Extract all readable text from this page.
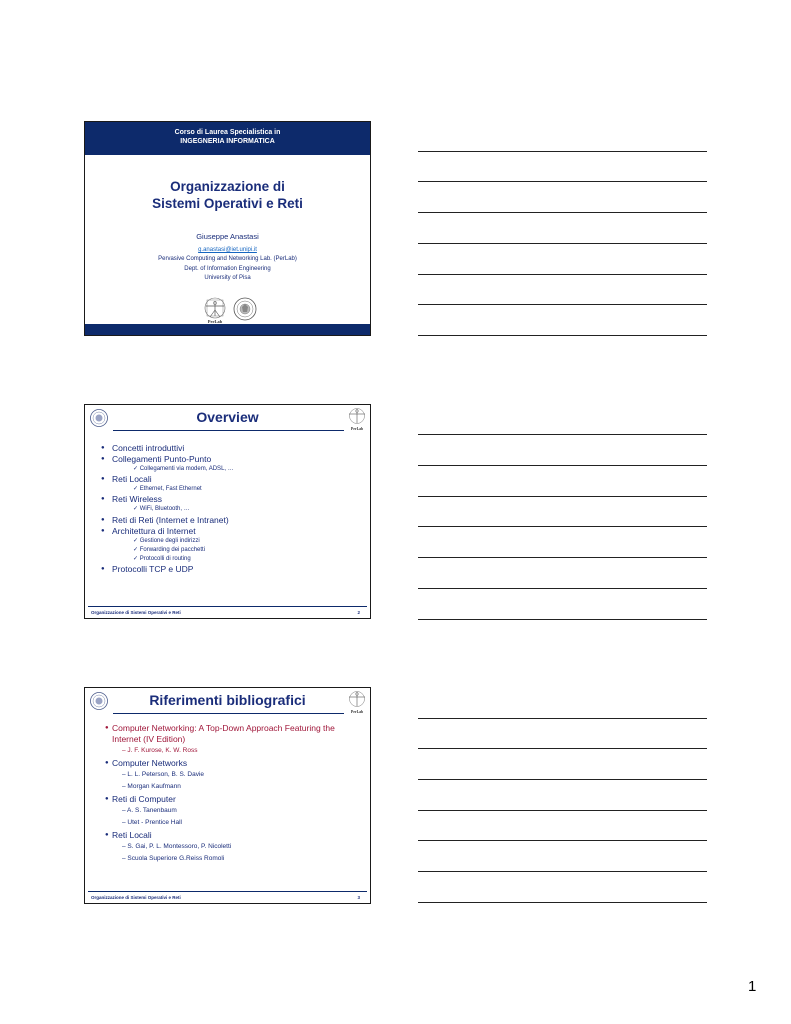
Corso di Laurea Specialistica in
INGEGNERIA INFORMATICA
Organizzazione di
Sistemi Operativi e Reti
Giuseppe Anastasi
g.anastasi@iet.unipi.it
Pervasive Computing and Networking Lab. (PerLab)
Dept. of Information Engineering
University of Pisa
PerLab
Overview
PerLab
● Concetti introduttivi
● Collegamenti Punto-Punto
✓ Collegamenti via modem, ADSL, …
● Reti Locali
✓ Ethernet, Fast Ethernet
● Reti Wireless
✓ WiFi, Bluetooth, …
● Reti di Reti (Internet e Intranet)
● Architettura di Internet
✓ Gestione degli indirizzi
✓ Forwarding dei pacchetti
✓ Protocolli di routing
● Protocolli TCP e UDP
Organizzazione di Sistemi Operativi e Reti	2
Riferimenti bibliografici
PerLab
● Computer Networking: A Top-Down Approach Featuring the Internet (IV Edition)
– J. F. Kurose, K. W. Ross
● Computer Networks
– L. L. Peterson, B. S. Davie
– Morgan Kaufmann
● Reti di Computer
– A. S. Tanenbaum
– Utet - Prentice Hall
● Reti Locali
– S. Gai, P. L. Montessoro, P. Nicoletti
– Scuola Superiore G.Reiss Romoli
Organizzazione di Sistemi Operativi e Reti	3
1
